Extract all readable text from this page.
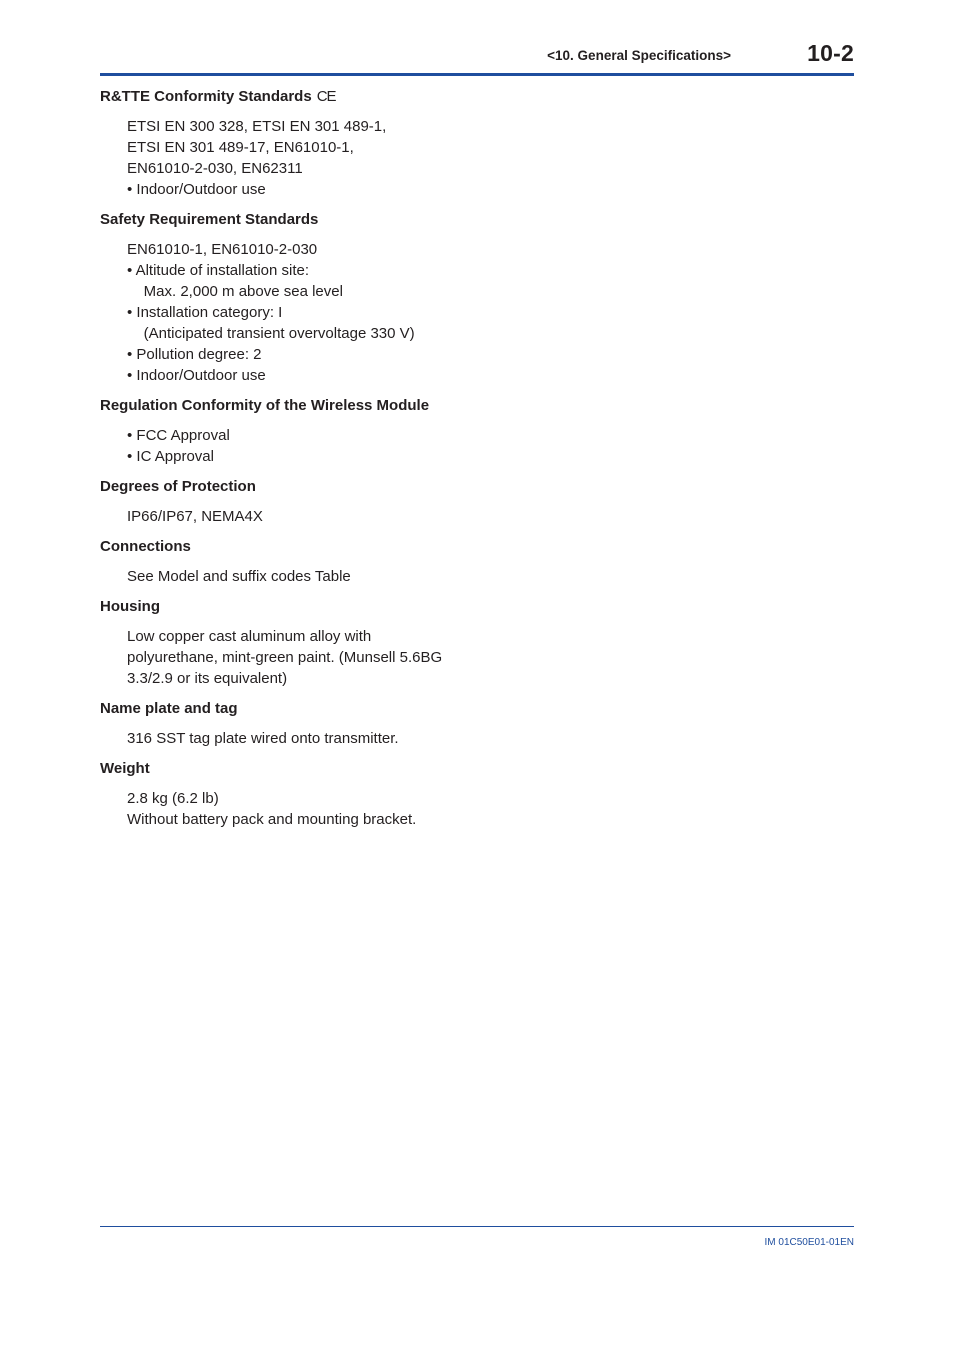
<10. General Specifications>	10-2
R&TTE Conformity Standards CE
ETSI EN 300 328, ETSI EN 301 489-1,
ETSI EN 301 489-17, EN61010-1,
EN61010-2-030, EN62311
• Indoor/Outdoor use
Safety Requirement Standards
EN61010-1, EN61010-2-030
• Altitude of installation site:
Max. 2,000 m above sea level
• Installation category: I
(Anticipated transient overvoltage 330 V)
• Pollution degree: 2
• Indoor/Outdoor use
Regulation Conformity of the Wireless Module
• FCC Approval
• IC Approval
Degrees of Protection
IP66/IP67, NEMA4X
Connections
See Model and suffix codes Table
Housing
Low copper cast aluminum alloy with
polyurethane, mint-green paint. (Munsell 5.6BG
3.3/2.9 or its equivalent)
Name plate and tag
316 SST tag plate wired onto transmitter.
Weight
2.8 kg (6.2 lb)
Without battery pack and mounting bracket.
IM 01C50E01-01EN
